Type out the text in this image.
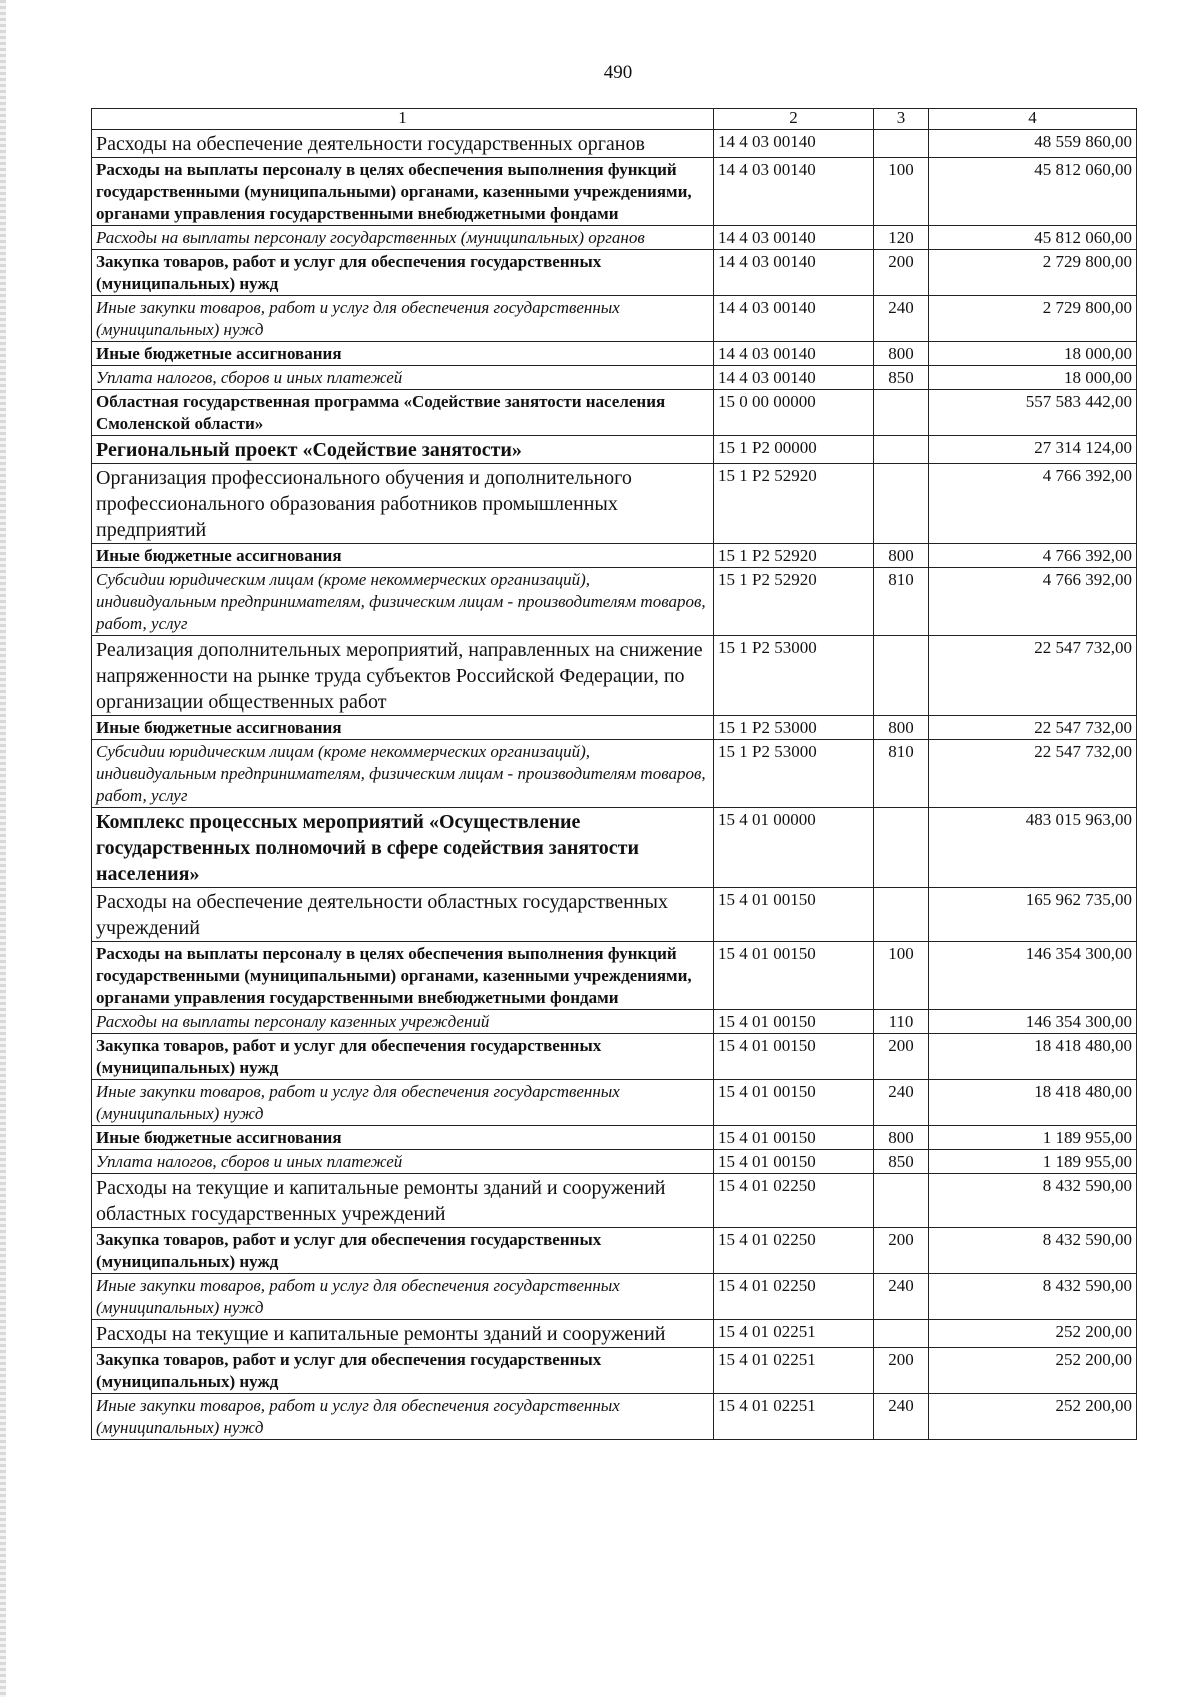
490
1	2	3	4
Расходы на обеспечение деятельности государственных органов	14 4 03 00140		48 559 860,00
Расходы на выплаты персоналу в целях обеспечения выполнения функций государственными (муниципальными) органами, казенными учреждениями, органами управления государственными внебюджетными фондами	14 4 03 00140	100	45 812 060,00
Расходы на выплаты персоналу государственных (муниципальных) органов	14 4 03 00140	120	45 812 060,00
Закупка товаров, работ и услуг для обеспечения государственных (муниципальных) нужд	14 4 03 00140	200	2 729 800,00
Иные закупки товаров, работ и услуг для обеспечения государственных (муниципальных) нужд	14 4 03 00140	240	2 729 800,00
Иные бюджетные ассигнования	14 4 03 00140	800	18 000,00
Уплата налогов, сборов и иных платежей	14 4 03 00140	850	18 000,00
Областная государственная программа «Содействие занятости населения Смоленской области»	15 0 00 00000		557 583 442,00
Региональный проект «Содействие занятости»	15 1 P2 00000		27 314 124,00
Организация профессионального обучения и дополнительного профессионального образования работников промышленных предприятий	15 1 P2 52920		4 766 392,00
Иные бюджетные ассигнования	15 1 P2 52920	800	4 766 392,00
Субсидии юридическим лицам (кроме некоммерческих организаций), индивидуальным предпринимателям, физическим лицам - производителям товаров, работ, услуг	15 1 P2 52920	810	4 766 392,00
Реализация дополнительных мероприятий, направленных на снижение напряженности на рынке труда субъектов Российской Федерации, по организации общественных работ	15 1 P2 53000		22 547 732,00
Иные бюджетные ассигнования	15 1 P2 53000	800	22 547 732,00
Субсидии юридическим лицам (кроме некоммерческих организаций), индивидуальным предпринимателям, физическим лицам - производителям товаров, работ, услуг	15 1 P2 53000	810	22 547 732,00
Комплекс процессных мероприятий «Осуществление государственных полномочий в сфере содействия занятости населения»	15 4 01 00000		483 015 963,00
Расходы на обеспечение деятельности областных государственных учреждений	15 4 01 00150		165 962 735,00
Расходы на выплаты персоналу в целях обеспечения выполнения функций государственными (муниципальными) органами, казенными учреждениями, органами управления государственными внебюджетными фондами	15 4 01 00150	100	146 354 300,00
Расходы на выплаты персоналу казенных учреждений	15 4 01 00150	110	146 354 300,00
Закупка товаров, работ и услуг для обеспечения государственных (муниципальных) нужд	15 4 01 00150	200	18 418 480,00
Иные закупки товаров, работ и услуг для обеспечения государственных (муниципальных) нужд	15 4 01 00150	240	18 418 480,00
Иные бюджетные ассигнования	15 4 01 00150	800	1 189 955,00
Уплата налогов, сборов и иных платежей	15 4 01 00150	850	1 189 955,00
Расходы на текущие и капитальные ремонты зданий и сооружений областных государственных учреждений	15 4 01 02250		8 432 590,00
Закупка товаров, работ и услуг для обеспечения государственных (муниципальных) нужд	15 4 01 02250	200	8 432 590,00
Иные закупки товаров, работ и услуг для обеспечения государственных (муниципальных) нужд	15 4 01 02250	240	8 432 590,00
Расходы на текущие и капитальные ремонты зданий и сооружений	15 4 01 02251		252 200,00
Закупка товаров, работ и услуг для обеспечения государственных (муниципальных) нужд	15 4 01 02251	200	252 200,00
Иные закупки товаров, работ и услуг для обеспечения государственных (муниципальных) нужд	15 4 01 02251	240	252 200,00
